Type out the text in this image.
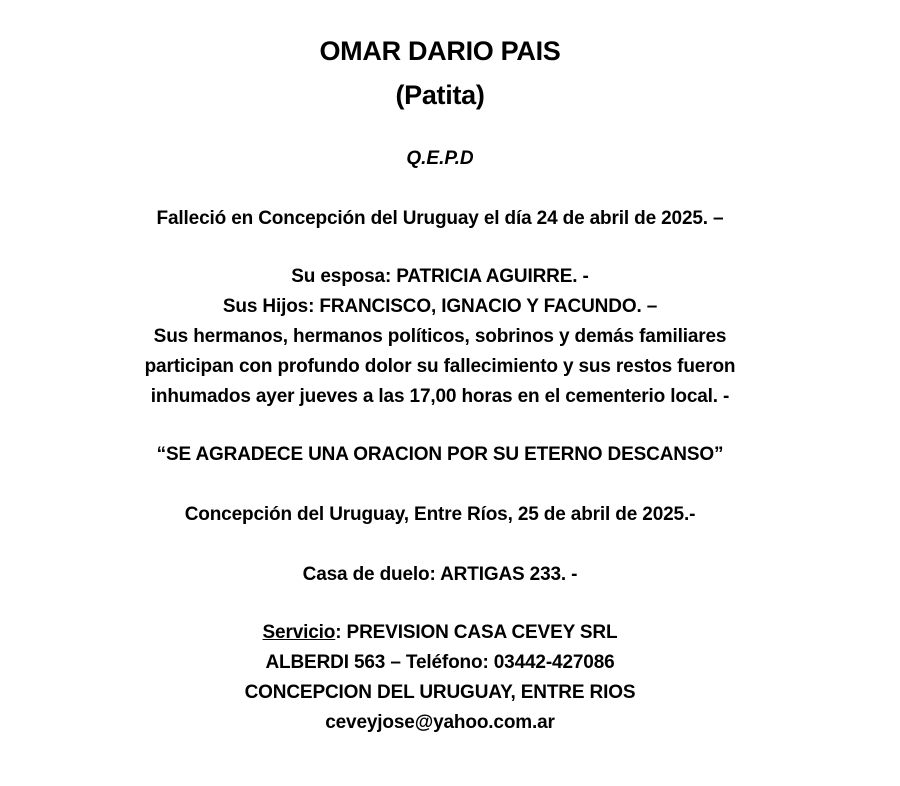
OMAR DARIO PAIS
(Patita)
Q.E.P.D
Falleció en Concepción del Uruguay el día 24 de abril de 2025. –
Su esposa: PATRICIA AGUIRRE. -
Sus Hijos: FRANCISCO, IGNACIO Y FACUNDO. –
Sus hermanos, hermanos políticos, sobrinos y demás familiares
participan con profundo dolor su fallecimiento y sus restos fueron
inhumados ayer jueves a las 17,00 horas en el cementerio local. -
“SE AGRADECE UNA ORACION POR SU ETERNO DESCANSO”
Concepción del Uruguay, Entre Ríos, 25 de abril de 2025.-
Casa de duelo: ARTIGAS 233. -
Servicio: PREVISION CASA CEVEY SRL
ALBERDI 563 – Teléfono: 03442-427086
CONCEPCION DEL URUGUAY, ENTRE RIOS
ceveyjose@yahoo.com.ar
